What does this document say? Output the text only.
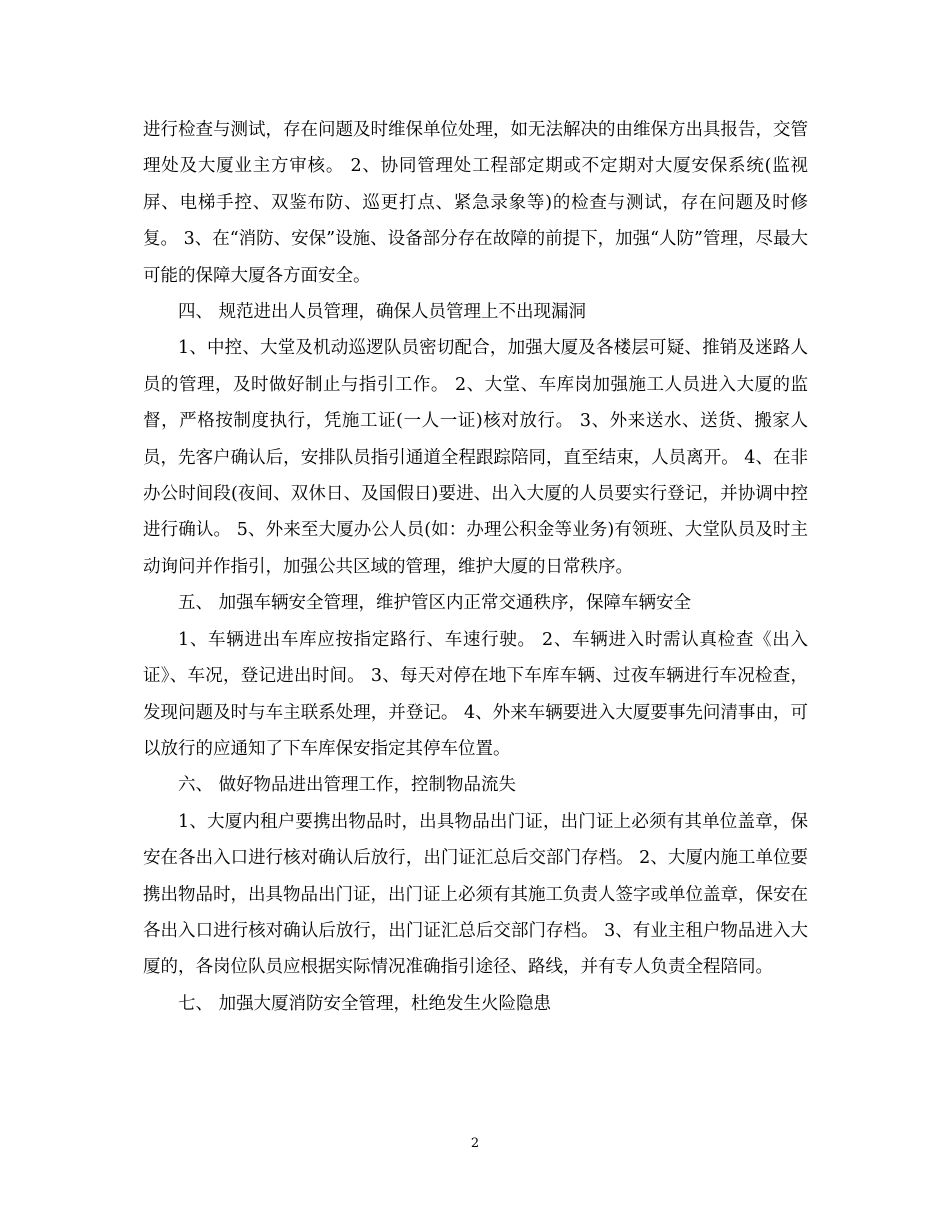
进行检查与测试，存在问题及时维保单位处理，如无法解决的由维保方出具报告，交管理处及大厦业主方审核。 2、协同管理处工程部定期或不定期对大厦安保系统(监视屏、电梯手控、双鉴布防、巡更打点、紧急录象等)的检查与测试，存在问题及时修复。 3、在“消防、安保”设施、设备部分存在故障的前提下，加强“人防”管理，尽最大可能的保障大厦各方面安全。

四、 规范进出人员管理，确保人员管理上不出现漏洞

1、中控、大堂及机动巡逻队员密切配合，加强大厦及各楼层可疑、推销及迷路人员的管理，及时做好制止与指引工作。 2、大堂、车库岗加强施工人员进入大厦的监督，严格按制度执行，凭施工证(一人一证)核对放行。 3、外来送水、送货、搬家人员，先客户确认后，安排队员指引通道全程跟踪陪同，直至结束，人员离开。 4、在非办公时间段(夜间、双休日、及国假日)要进、出入大厦的人员要实行登记，并协调中控进行确认。 5、外来至大厦办公人员(如：办理公积金等业务)有领班、大堂队员及时主动询问并作指引，加强公共区域的管理，维护大厦的日常秩序。

五、 加强车辆安全管理，维护管区内正常交通秩序，保障车辆安全

1、车辆进出车库应按指定路行、车速行驶。 2、车辆进入时需认真检查《出入证》、车况，登记进出时间。 3、每天对停在地下车库车辆、过夜车辆进行车况检查，发现问题及时与车主联系处理，并登记。 4、外来车辆要进入大厦要事先问清事由，可以放行的应通知了下车库保安指定其停车位置。

六、 做好物品进出管理工作，控制物品流失

1、大厦内租户要携出物品时，出具物品出门证，出门证上必须有其单位盖章，保安在各出入口进行核对确认后放行，出门证汇总后交部门存档。 2、大厦内施工单位要携出物品时，出具物品出门证，出门证上必须有其施工负责人签字或单位盖章，保安在各出入口进行核对确认后放行，出门证汇总后交部门存档。 3、有业主租户物品进入大厦的，各岗位队员应根据实际情况准确指引途径、路线，并有专人负责全程陪同。

七、 加强大厦消防安全管理，杜绝发生火险隐患

2
